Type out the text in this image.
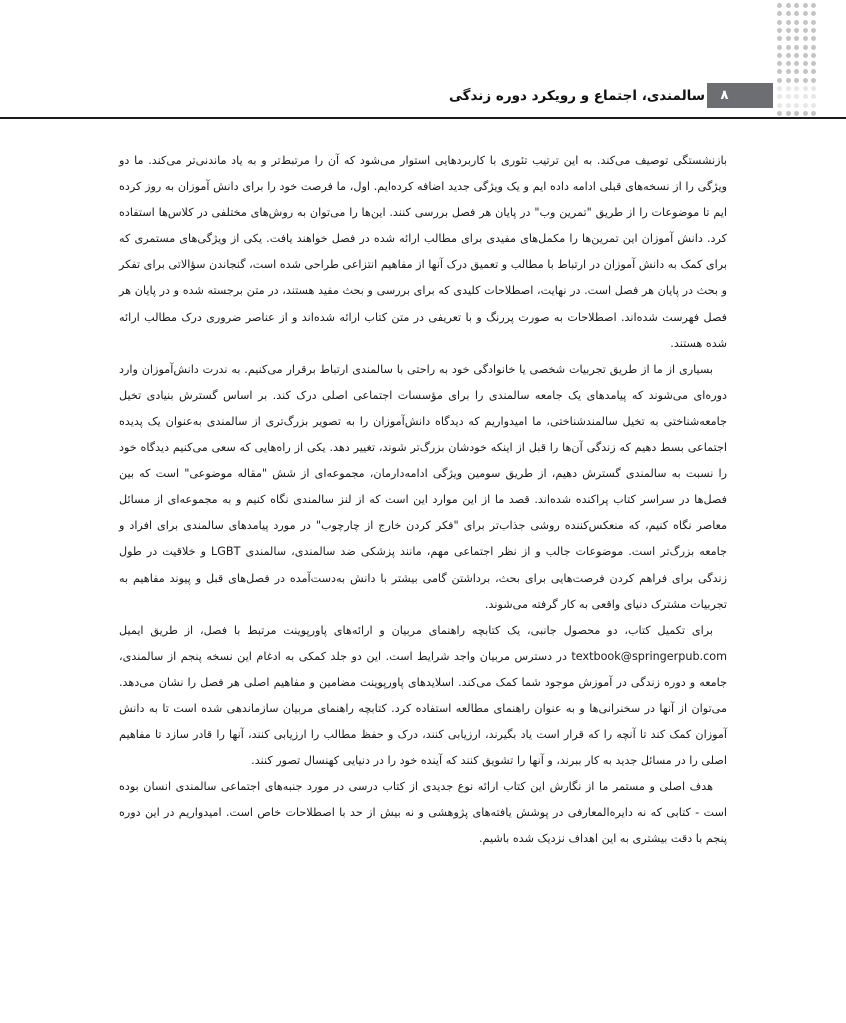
۸
سالمندی، اجتماع و رویکرد دوره زندگی

بازنشستگی توصیف می‌کند. به این ترتیب تئوری با کاربردهایی استوار می‌شود که آن را مرتبط‌تر و به یاد ماندنی‌تر می‌کند. ما دو ویژگی را از نسخه‌های قبلی ادامه داده ایم و یک ویژگی جدید اضافه کرده‌ایم. اول، ما فرصت خود را برای دانش آموزان به روز کرده ایم تا موضوعات را از طریق "تمرین وب" در پایان هر فصل بررسی کنند. این‌ها را می‌توان به روش‌های مختلفی در کلاس‌ها استفاده کرد. دانش آموزان این تمرین‌ها را مکمل‌های مفیدی برای مطالب ارائه شده در فصل خواهند یافت. یکی از ویژگی‌های مستمری که برای کمک به دانش آموزان در ارتباط با مطالب و تعمیق درک آنها از مفاهیم انتزاعی طراحی شده است، گنجاندن سؤالاتی برای تفکر و بحث در پایان هر فصل است. در نهایت، اصطلاحات کلیدی که برای بررسی و بحث مفید هستند، در متن برجسته شده و در پایان هر فصل فهرست شده‌اند. اصطلاحات به صورت پررنگ و با تعریفی در متن کتاب ارائه شده‌اند و از عناصر ضروری درک مطالب ارائه شده هستند.

بسیاری از ما از طریق تجربیات شخصی یا خانوادگی خود به راحتی با سالمندی ارتباط برقرار می‌کنیم. به ندرت دانش‌آموزان وارد دوره‌ای می‌شوند که پیامدهای یک جامعه سالمندی را برای مؤسسات اجتماعی اصلی درک کند. بر اساس گسترش بنیادی تخیل جامعه‌شناختی به تخیل سالمندشناختی، ما امیدواریم که دیدگاه دانش‌آموزان را به تصویر بزرگ‌تری از سالمندی به‌عنوان یک پدیده اجتماعی بسط دهیم که زندگی آن‌ها را قبل از اینکه خودشان بزرگ‌تر شوند، تغییر دهد. یکی از راه‌هایی که سعی می‌کنیم دیدگاه خود را نسبت به سالمندی گسترش دهیم، از طریق سومین ویژگی ادامه‌دارمان، مجموعه‌ای از شش "مقاله موضوعی" است که بین فصل‌ها در سراسر کتاب پراکنده شده‌اند. قصد ما از این موارد این است که از لنز سالمندی نگاه کنیم و به مجموعه‌ای از مسائل معاصر نگاه کنیم، که منعکس‌کننده روشی جذاب‌تر برای "فکر کردن خارج از چارچوب" در مورد پیامدهای سالمندی برای افراد و جامعه بزرگ‌تر است. موضوعات جالب و از نظر اجتماعی مهم، مانند پزشکی ضد سالمندی، سالمندی LGBT و خلاقیت در طول زندگی برای فراهم کردن فرصت‌هایی برای بحث، برداشتن گامی بیشتر با دانش به‌دست‌آمده در فصل‌های قبل و پیوند مفاهیم به تجربیات مشترک دنیای واقعی به کار گرفته می‌شوند.

برای تکمیل کتاب، دو محصول جانبی، یک کتابچه راهنمای مربیان و ارائه‌های پاورپوینت مرتبط با فصل، از طریق ایمیل textbook@springerpub.com در دسترس مربیان واجد شرایط است. این دو جلد کمکی به ادغام این نسخه پنجم از سالمندی، جامعه و دوره زندگی در آموزش موجود شما کمک می‌کند. اسلایدهای پاورپوینت مضامین و مفاهیم اصلی هر فصل را نشان می‌دهد. می‌توان از آنها در سخنرانی‌ها و به عنوان راهنمای مطالعه استفاده کرد. کتابچه راهنمای مربیان سازماندهی شده است تا به دانش آموزان کمک کند تا آنچه را که قرار است یاد بگیرند، ارزیابی کنند، درک و حفظ مطالب را ارزیابی کنند، آنها را قادر سازد تا مفاهیم اصلی را در مسائل جدید به کار ببرند، و آنها را تشویق کنند که آینده خود را در دنیایی کهنسال تصور کنند.

هدف اصلی و مستمر ما از نگارش این کتاب ارائه نوع جدیدی از کتاب درسی در مورد جنبه‌های اجتماعی سالمندی انسان بوده است - کتابی که نه دایره‌المعارفی در پوشش یافته‌های پژوهشی و نه بیش از حد با اصطلاحات خاص است. امیدواریم در این دوره پنجم با دقت بیشتری به این اهداف نزدیک شده باشیم.
